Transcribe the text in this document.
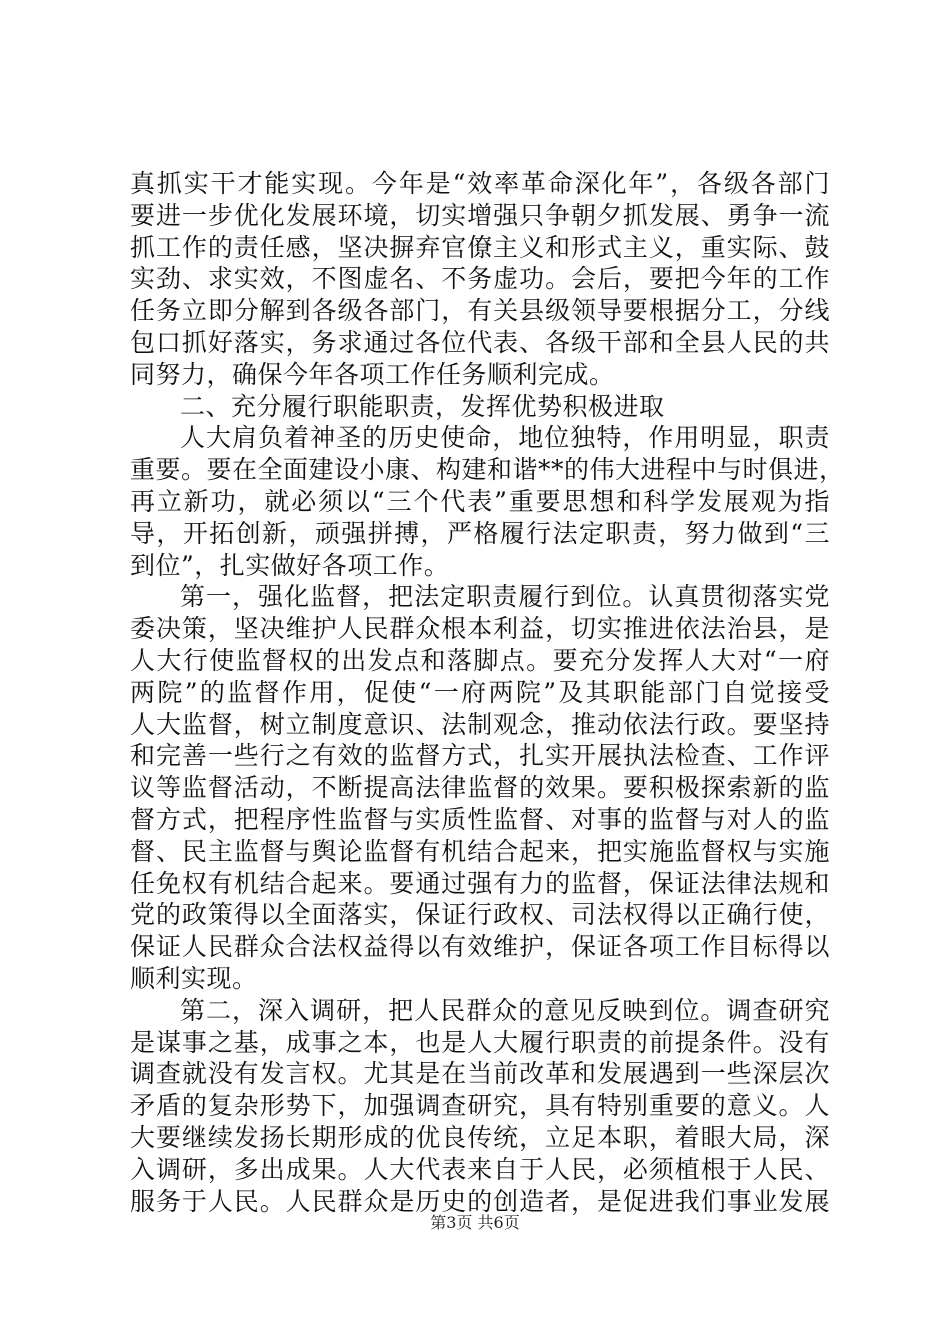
真抓实干才能实现。今年是“效率革命深化年”，各级各部门
要进一步优化发展环境，切实增强只争朝夕抓发展、勇争一流
抓工作的责任感，坚决摒弃官僚主义和形式主义，重实际、鼓
实劲、求实效，不图虚名、不务虚功。会后，要把今年的工作
任务立即分解到各级各部门，有关县级领导要根据分工，分线
包口抓好落实，务求通过各位代表、各级干部和全县人民的共
同努力，确保今年各项工作任务顺利完成。
二、充分履行职能职责，发挥优势积极进取
人大肩负着神圣的历史使命，地位独特，作用明显，职责
重要。要在全面建设小康、构建和谐**的伟大进程中与时俱进，
再立新功，就必须以“三个代表”重要思想和科学发展观为指
导，开拓创新，顽强拼搏，严格履行法定职责，努力做到“三
到位”，扎实做好各项工作。
第一，强化监督，把法定职责履行到位。认真贯彻落实党
委决策，坚决维护人民群众根本利益，切实推进依法治县，是
人大行使监督权的出发点和落脚点。要充分发挥人大对“一府
两院”的监督作用，促使“一府两院”及其职能部门自觉接受
人大监督，树立制度意识、法制观念，推动依法行政。要坚持
和完善一些行之有效的监督方式，扎实开展执法检查、工作评
议等监督活动，不断提高法律监督的效果。要积极探索新的监
督方式，把程序性监督与实质性监督、对事的监督与对人的监
督、民主监督与舆论监督有机结合起来，把实施监督权与实施
任免权有机结合起来。要通过强有力的监督，保证法律法规和
党的政策得以全面落实，保证行政权、司法权得以正确行使，
保证人民群众合法权益得以有效维护，保证各项工作目标得以
顺利实现。
第二，深入调研，把人民群众的意见反映到位。调查研究
是谋事之基，成事之本，也是人大履行职责的前提条件。没有
调查就没有发言权。尤其是在当前改革和发展遇到一些深层次
矛盾的复杂形势下，加强调查研究，具有特别重要的意义。人
大要继续发扬长期形成的优良传统，立足本职，着眼大局，深
入调研，多出成果。人大代表来自于人民，必须植根于人民、
服务于人民。人民群众是历史的创造者，是促进我们事业发展
第3页 共6页
